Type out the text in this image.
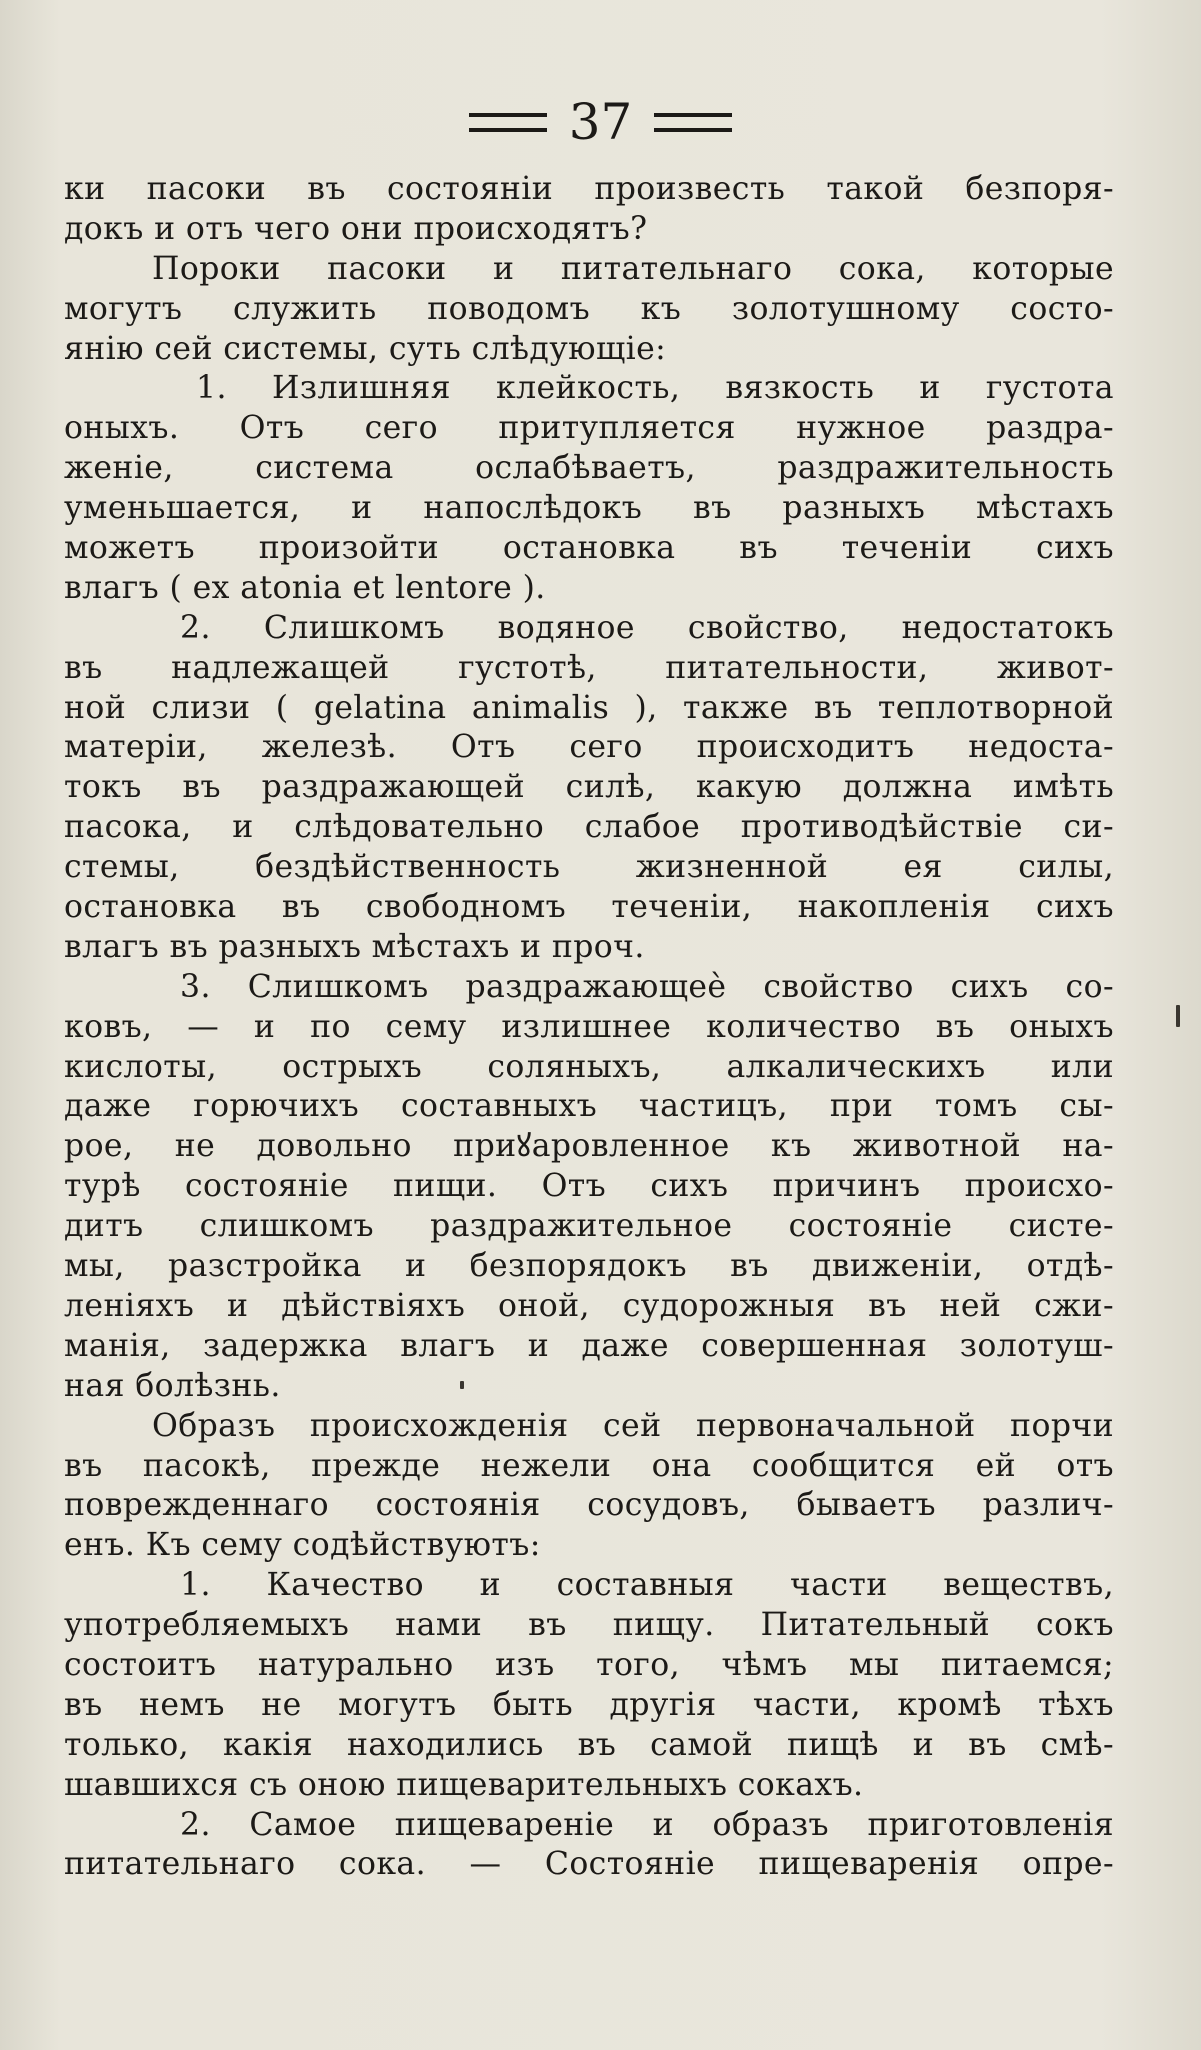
37
ки пасоки въ состоянiи произвесть такой безпоря-
докъ и отъ чего они происходятъ?
Пороки пасоки и питательнаго сока, которые
могутъ служить поводомъ къ золотушному состо-
янiю сей системы, суть слѣдующiе:
1. Излишняя клейкость, вязкость и густота
оныхъ. Отъ сего притупляется нужное раздра-
женiе, система ослабѣваетъ, раздражительность
уменьшается, и напослѣдокъ въ разныхъ мѣстахъ
можетъ произойти остановка въ теченiи сихъ
влагъ ( ex atonia et lentore ).
2. Слишкомъ водяное свойство, недостатокъ
въ надлежащей густотѣ, питательности, живот-
ной слизи ( gelatina animalis ), также въ теплотворной
матерiи, железѣ. Отъ сего происходитъ недоста-
токъ въ раздражающей силѣ, какую должна имѣть
пасока, и слѣдовательно слабое противодѣйствiе си-
стемы, бездѣйственность жизненной ея силы,
остановка въ свободномъ теченiи, накопленiя сихъ
влагъ въ разныхъ мѣстахъ и проч.
3. Слишкомъ раздражающеѐ свойство сихъ со-
ковъ, — и по сему излишнее количество въ оныхъ
кислоты, острыхъ соляныхъ, алкалическихъ или
даже горючихъ составныхъ частицъ, при томъ сы-
рое, не довольно приꙋаровленное къ животной на-
турѣ состоянiе пищи. Отъ сихъ причинъ происхо-
дитъ слишкомъ раздражительное состоянiе систе-
мы, разстройка и безпорядокъ въ движенiи, отдѣ-
ленiяхъ и дѣйствiяхъ оной, судорожныя въ ней сжи-
манiя, задержка влагъ и даже совершенная золотуш-
ная болѣзнь.
Образъ происхожденiя сей первоначальной порчи
въ пасокѣ, прежде нежели она сообщится ей отъ
поврежденнаго состоянiя сосудовъ, бываетъ различ-
енъ. Къ сему содѣйствуютъ:
1. Качество и составныя части веществъ,
употребляемыхъ нами въ пищу. Питательный сокъ
состоитъ натурально изъ того, чѣмъ мы питаемся;
въ немъ не могутъ быть другiя части, кромѣ тѣхъ
только, какiя находились въ самой пищѣ и въ смѣ-
шавшихся съ оною пищеварительныхъ сокахъ.
2. Самое пищеваренiе и образъ приготовленiя
питательнаго сока. — Состоянiе пищеваренiя опре-
